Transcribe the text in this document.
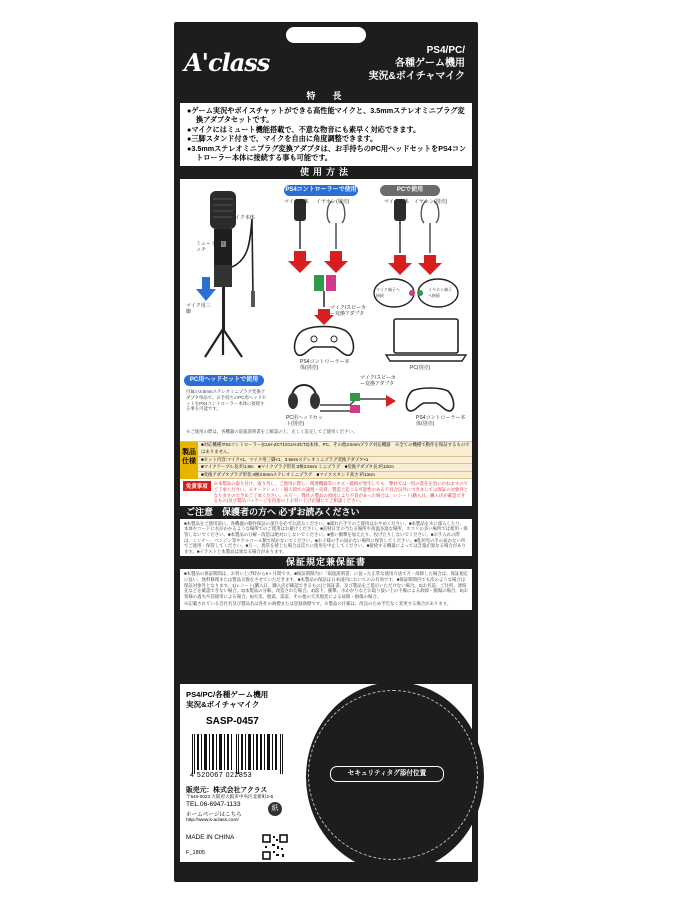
A'class	PS4/PC/
各種ゲーム機用
実況&ボイチャマイク
特　長
●ゲーム実況やボイスチャットができる高性能マイクと、3.5mmステレオミニプラグ変換アダプタセットです。
●マイクにはミュート機能搭載で、不意な物音にも素早く対応できます。
●三脚スタンド付きで、マイクを自由に角度調整できます。
●3.5mmステレオミニプラグ変換アダプタは、お手持ちのPC用ヘッドセットをPS4コントローラー本体に接続する事も可能です。
使用方法
ミュートスイッチ
マイク本体
マイク用三脚
PS4コントローラーで使用	PCで使用
マイク本体 イヤホン(別売)	マイク本体 イヤホン(別売)
マイク/スピーカー変換アダプタ
PS4コントローラー本体(別売)	PC(別売)
マイク端子へ接続
イヤホン端子へ接続
PC用ヘッドセットで使用
付属の3.5mmステレオミニプラグ変換アダプタ単品で、お手持ちのPC用ヘッドセットをPS4コントローラー本体に接続する事も可能です。
PC用ヘッドセット(別売)
マイク/スピーカー変換アダプタ
PS4コントローラー本体(別売)
※ご使用の際は、各機器の取扱説明書をご確認の上、正しく設定してご使用ください。
製品仕様
■対応機種:PS4コントローラー(CUH-ZCT1/CUH-ZCT2)本体、PC、その他3.5mmプラグ対応機器　※全ての機種で動作を保証するものではありません。
■セット内容:マイク×1、マイク用三脚×1、3.5mmステレオミニプラグ変換アダプタ×1
■マイクケーブル長:約1.8m　■マイクプラグ形状:3極3.5mm ミニプラグ　■変換アダプタ長:約13cm
■変換アダプタプラグ形状:4極3.5mmステレオミニプラグ　■マイクスタンド高さ:約13cm
免責事項
※本製品の取り付け、取り外し、ご使用に際し、関連機器等にキズ・破損が発生しても、弊社では一切の責任を負いかねますのでご了承ください。※オークション・個人間での譲渡・売買、製造上起こる可能性のある不具合以外につきましては保証の対象外となりますので予めご了承ください。※万一、弊社の製品の原因により不良があった場合は、レシート(購入日、購入店が確認できるもの)及び製品パッケージを持参の上お買い上げ店舗にてご相談ください。
ご注意　保護者の方へ 必ずお読みください
■本製品をご使用前に、各機器の動作保証の項目を必ずお読みください。■濡れた手でのご使用はおやめください。■本製品を水に濡らしたり、本体やコードに水がかかるような場所でのご使用はお避けください。■直射日光の当たる場所や高温多湿な場所、ホコリの多い場所では使用・保管しないでください。■本製品の分解・改造は絶対にしないでください。■強い衝撃を加えたり、投げたりしないでください。■お手入れの際は、シンナー、ベンジン等やアルコール類で拭かないでください。■お子様の手の届かない場所に保管してください。■乳幼児の手の届かない所でご使用・保管してください。■万一、異常を感じた場合は直ちに使用を中止してください。■接続する機器によっては音量が異なる場合があります。■イラストと本製品は異なる場合があります。
保証規定兼保証書
■本製品の保証期間は、お買い上げ時から6ヶ月間です。■保証期間内に「取扱説明書」に従った正常な使用方法で万一故障した場合は、保証規定に従い、無料修理または製品交換をさせていただきます。■本製品の保証は日本国内においてのみ有効です。■保証期間内でも次のような場合は保証対象外となります。1)レシート(購入日、購入店が確認できるもの)と保証書、及び製品をご提示いただけない場合。2)お名前、ご住所、連絡先などを確認できない場合。3)本製品の分解、改造された場合。4)落下、衝撃、水かかりなどお取り扱い上の不備による故障・損傷の場合。5)お客様の過失や誤使用による場合。6)火災、地震、落雷、その他の天災地変による故障・損傷の場合。
※記載されている会社名及び製品名は各社の商標または登録商標です。※製品の仕様は、改良のため予告なく変更する場合があります。
PS4/PC/各種ゲーム機用
実況&ボイチャマイク
SASP-0457
4 520067 022853
販売元：株式会社アクラス
〒540-0023 大阪府大阪市中央区北新町2-6
TEL.06-6947-1133
ホームページはこちら
http://www.k-aclass.com/
紙
MADE IN CHINA
F_1805
セキュリティタグ添付位置
